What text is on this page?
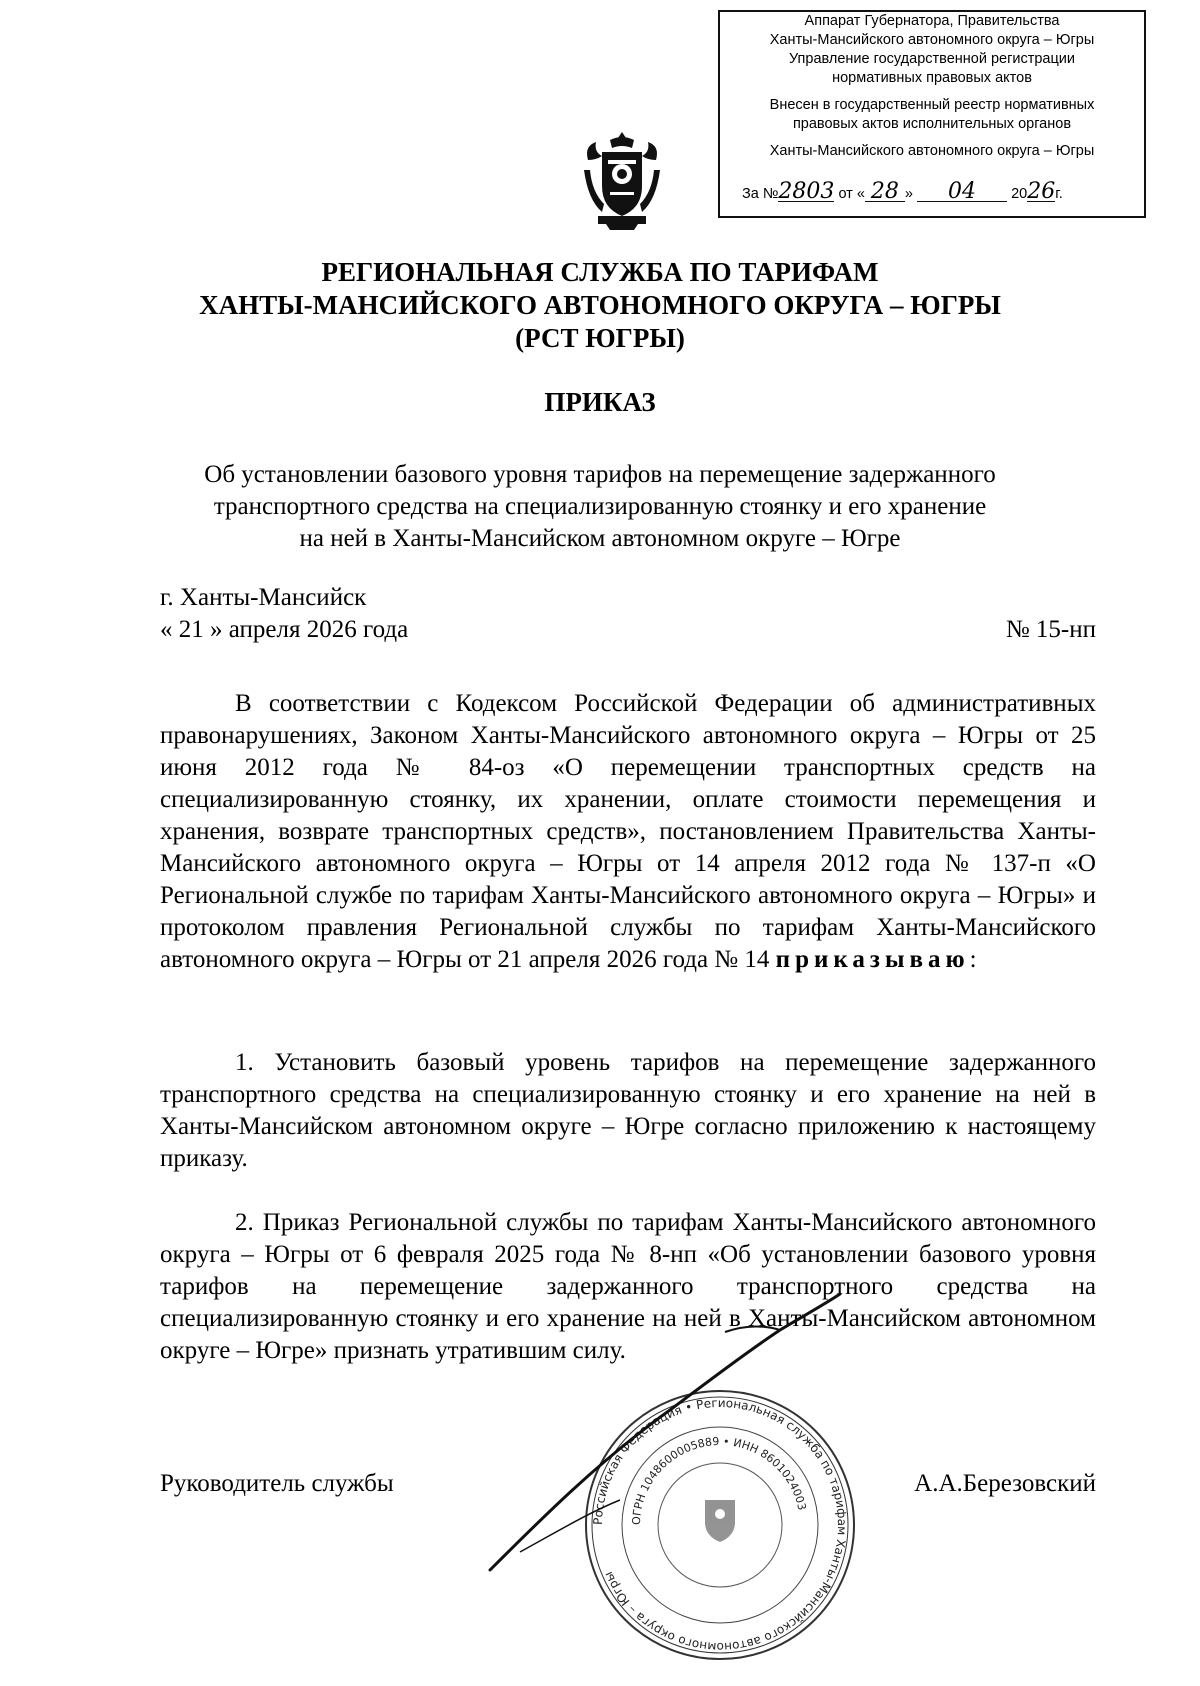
Аппарат Губернатора, Правительства
Ханты-Мансийского автономного округа – Югры
Управление государственной регистрации
нормативных правовых актов
Внесен в государственный реестр нормативных
правовых актов исполнительных органов
Ханты-Мансийского автономного округа – Югры
За №2803 от « 28 » 04 2026г.
РЕГИОНАЛЬНАЯ СЛУЖБА ПО ТАРИФАМ
ХАНТЫ-МАНСИЙСКОГО АВТОНОМНОГО ОКРУГА – ЮГРЫ
(РСТ ЮГРЫ)
ПРИКАЗ
Об установлении базового уровня тарифов на перемещение задержанного
транспортного средства на специализированную стоянку и его хранение
на ней в Ханты-Мансийском автономном округе – Югре
г. Ханты-Мансийск
« 21 » апреля 2026 года	№ 15-нп
В соответствии с Кодексом Российской Федерации об административных правонарушениях, Законом Ханты-Мансийского автономного округа – Югры от 25 июня 2012 года № 84-оз «О перемещении транспортных средств на специализированную стоянку, их хранении, оплате стоимости перемещения и хранения, возврате транспортных средств», постановлением Правительства Ханты-Мансийского автономного округа – Югры от 14 апреля 2012 года № 137-п «О Региональной службе по тарифам Ханты-Мансийского автономного округа – Югры» и протоколом правления Региональной службы по тарифам Ханты-Мансийского автономного округа – Югры от 21 апреля 2026 года № 14 приказываю:
1. Установить базовый уровень тарифов на перемещение задержанного транспортного средства на специализированную стоянку и его хранение на ней в Ханты-Мансийском автономном округе – Югре согласно приложению к настоящему приказу.
2. Приказ Региональной службы по тарифам Ханты-Мансийского автономного округа – Югры от 6 февраля 2025 года № 8-нп «Об установлении базового уровня тарифов на перемещение задержанного транспортного средства на специализированную стоянку и его хранение на ней в Ханты-Мансийском автономном округе – Югре» признать утратившим силу.
Российская Федерация • Региональная служба по тарифам Ханты-Мансийского автономного округа – Югры
ОГРН 1048600005889 • ИНН 8601024003
Руководитель службы	А.А.Березовский
